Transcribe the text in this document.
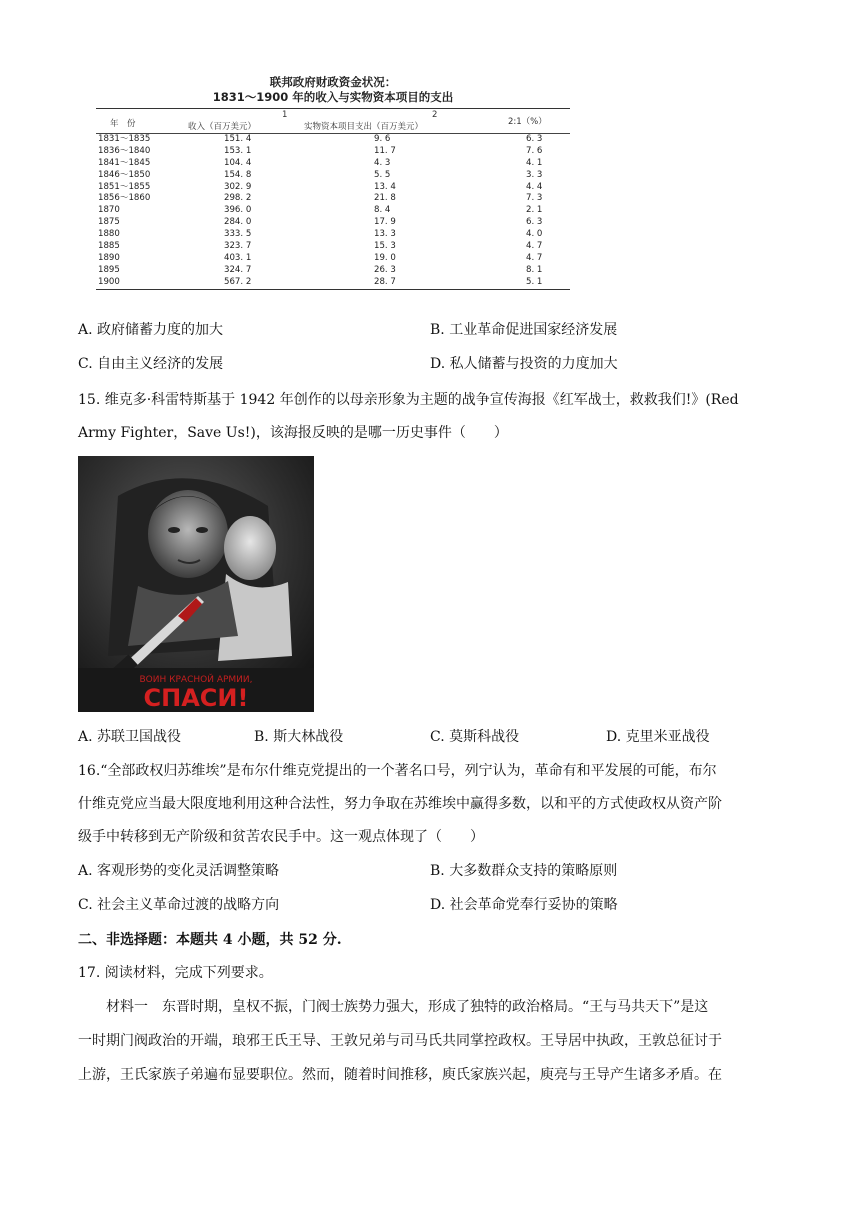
联邦政府财政资金状况：
1831～1900 年的收入与实物资本项目的支出
1	2
年　份	收入（百万美元）	实物资本项目支出（百万美元）	2:1（%）
1831～1835	151. 4	9. 6	6. 3
1836～1840	153. 1	11. 7	7. 6
1841～1845	104. 4	4. 3	4. 1
1846～1850	154. 8	5. 5	3. 3
1851～1855	302. 9	13. 4	4. 4
1856～1860	298. 2	21. 8	7. 3
1870	396. 0	8. 4	2. 1
1875	284. 0	17. 9	6. 3
1880	333. 5	13. 3	4. 0
1885	323. 7	15. 3	4. 7
1890	403. 1	19. 0	4. 7
1895	324. 7	26. 3	8. 1
1900	567. 2	28. 7	5. 1
A. 政府储蓄力度的加大	B. 工业革命促进国家经济发展
C. 自由主义经济的发展	D. 私人储蓄与投资的力度加大
15. 维克多·科雷特斯基于 1942 年创作的以母亲形象为主题的战争宣传海报《红军战士，救救我们!》(Red
Army Fighter，Save Us!)，该海报反映的是哪一历史事件（　　）
ВОИН КРАСНОЙ АРМИИ,
СПАСИ!
A. 苏联卫国战役	B. 斯大林战役	C. 莫斯科战役	D. 克里米亚战役
16.“全部政权归苏维埃”是布尔什维克党提出的一个著名口号，列宁认为，革命有和平发展的可能，布尔
什维克党应当最大限度地利用这种合法性，努力争取在苏维埃中赢得多数，以和平的方式使政权从资产阶
级手中转移到无产阶级和贫苦农民手中。这一观点体现了（　　）
A. 客观形势的变化灵活调整策略	B. 大多数群众支持的策略原则
C. 社会主义革命过渡的战略方向	D. 社会革命党奉行妥协的策略
二、非选择题：本题共 4 小题，共 52 分.
17. 阅读材料，完成下列要求。
材料一　东晋时期，皇权不振，门阀士族势力强大，形成了独特的政治格局。“王与马共天下”是这
一时期门阀政治的开端，琅邪王氏王导、王敦兄弟与司马氏共同掌控政权。王导居中执政，王敦总征讨于
上游，王氏家族子弟遍布显要职位。然而，随着时间推移，庾氏家族兴起，庾亮与王导产生诸多矛盾。在
